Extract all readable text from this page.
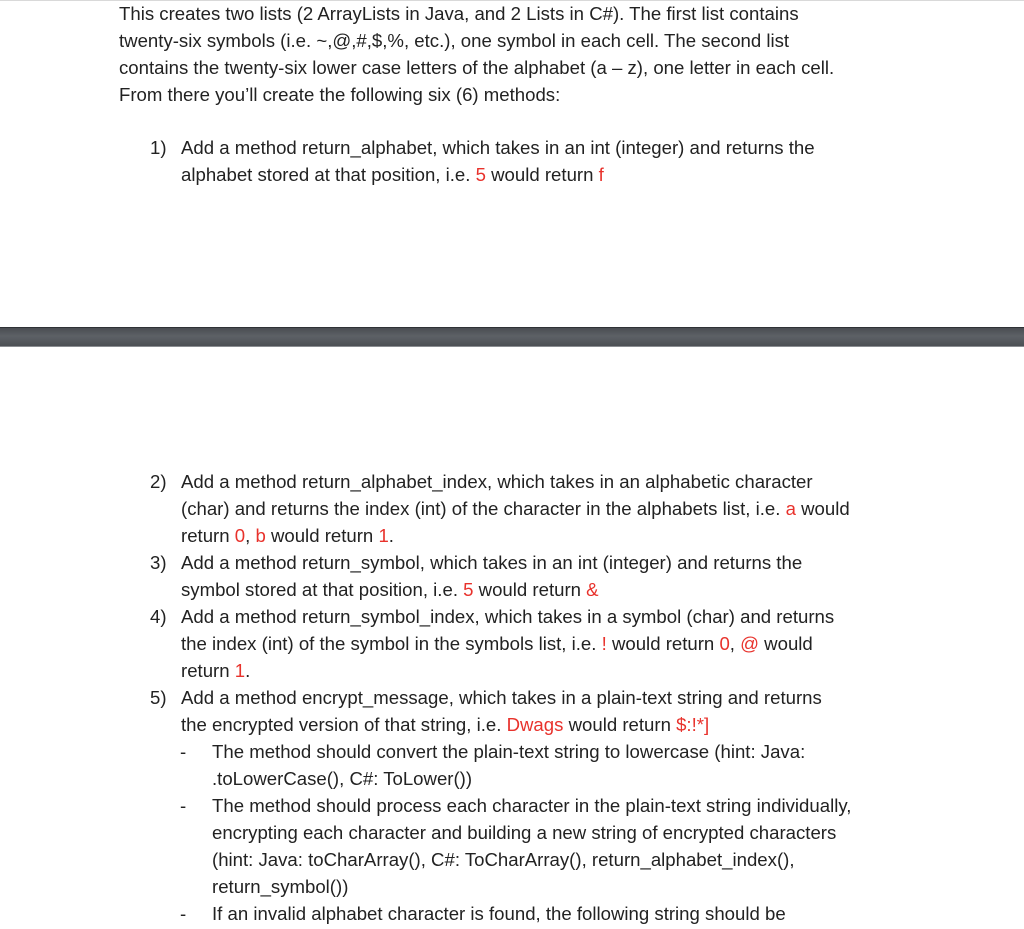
This creates two lists (2 ArrayLists in Java, and 2 Lists in C#). The first list contains
twenty-six symbols (i.e. ~,@,#,$,%, etc.), one symbol in each cell. The second list
contains the twenty-six lower case letters of the alphabet (a – z), one letter in each cell.
From there you’ll create the following six (6) methods:
1) Add a method return_alphabet, which takes in an int (integer) and returns the
alphabet stored at that position, i.e. 5 would return f
2) Add a method return_alphabet_index, which takes in an alphabetic character
(char) and returns the index (int) of the character in the alphabets list, i.e. a would
return 0, b would return 1.
3) Add a method return_symbol, which takes in an int (integer) and returns the
symbol stored at that position, i.e. 5 would return &
4) Add a method return_symbol_index, which takes in a symbol (char) and returns
the index (int) of the symbol in the symbols list, i.e. ! would return 0, @ would
return 1.
5) Add a method encrypt_message, which takes in a plain-text string and returns
the encrypted version of that string, i.e. Dwags would return $:!*]
- The method should convert the plain-text string to lowercase (hint: Java:
.toLowerCase(), C#: ToLower())
- The method should process each character in the plain-text string individually,
encrypting each character and building a new string of encrypted characters
(hint: Java: toCharArray(), C#: ToCharArray(), return_alphabet_index(),
return_symbol())
- If an invalid alphabet character is found, the following string should be
